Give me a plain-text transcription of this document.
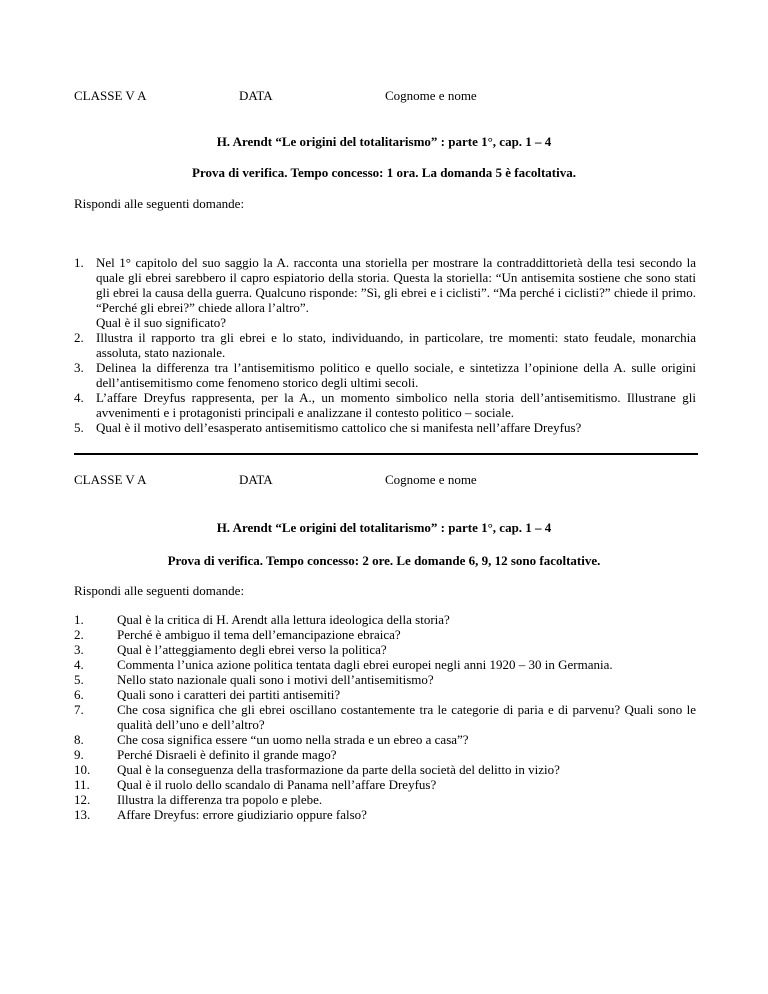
CLASSE V A	DATA	Cognome e nome
H. Arendt “Le origini del totalitarismo” : parte 1°, cap. 1 – 4
Prova di verifica. Tempo concesso: 1 ora. La domanda 5 è facoltativa.
Rispondi alle seguenti domande:
1. Nel 1° capitolo del suo saggio la A. racconta una storiella per mostrare la contraddittorietà della tesi secondo la quale gli ebrei sarebbero il capro espiatorio della storia. Questa la storiella: “Un antisemita sostiene che sono stati gli ebrei la causa della guerra. Qualcuno risponde: ”Sì, gli ebrei e i ciclisti”. “Ma perché i ciclisti?” chiede il primo. “Perché gli ebrei?” chiede allora l’altro”.
Qual è il suo significato?
2. Illustra il rapporto tra gli ebrei e lo stato, individuando, in particolare, tre momenti: stato feudale, monarchia assoluta, stato nazionale.
3. Delinea la differenza tra l’antisemitismo politico e quello sociale, e sintetizza l’opinione della A. sulle origini dell’antisemitismo come fenomeno storico degli ultimi secoli.
4. L’affare Dreyfus rappresenta, per la A., un momento simbolico nella storia dell’antisemitismo. Illustrane gli avvenimenti e i protagonisti principali e analizzane il contesto politico – sociale.
5. Qual è il motivo dell’esasperato antisemitismo cattolico che si manifesta nell’affare Dreyfus?
CLASSE V A	DATA	Cognome e nome
H. Arendt “Le origini del totalitarismo” : parte 1°, cap. 1 – 4
Prova di verifica. Tempo concesso: 2 ore. Le domande 6, 9, 12 sono facoltative.
Rispondi alle seguenti domande:
1.	Qual è la critica di H. Arendt alla lettura ideologica della storia?
2.	Perché è ambiguo il tema dell’emancipazione ebraica?
3.	Qual è l’atteggiamento degli ebrei verso la politica?
4.	Commenta l’unica azione politica tentata dagli ebrei europei negli anni 1920 – 30 in Germania.
5.	Nello stato nazionale quali sono i motivi dell’antisemitismo?
6.	Quali sono i caratteri dei partiti antisemiti?
7.	Che cosa significa che gli ebrei oscillano costantemente tra le categorie di paria e di parvenu? Quali sono le qualità dell’uno e dell’altro?
8.	Che cosa significa essere “un uomo nella strada e un ebreo a casa”?
9.	Perché Disraeli è definito il grande mago?
10. Qual è la conseguenza della trasformazione da parte della società del delitto in vizio?
11. Qual è il ruolo dello scandalo di Panama nell’affare Dreyfus?
12. Illustra la differenza tra popolo e plebe.
13. Affare Dreyfus: errore giudiziario oppure falso?
